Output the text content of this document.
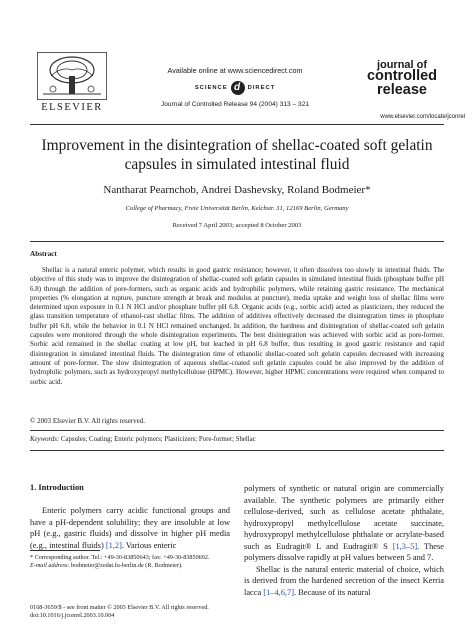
ELSEVIER
Available online at www.sciencedirect.com
SCIENCE d	DIRECT
Journal of Controlled Release 94 (2004) 313 – 321
journal of
controlled
release
www.elsevier.com/locate/jconrel
Improvement in the disintegration of shellac-coated soft gelatin capsules in simulated intestinal fluid
Nantharat Pearnchob, Andrei Dashevsky, Roland Bodmeier*
College of Pharmacy, Freie Universität Berlin, Kelchstr. 31, 12169 Berlin, Germany
Received 7 April 2003; accepted 8 October 2003
Abstract
Shellac is a natural enteric polymer, which results in good gastric resistance; however, it often dissolves too slowly in intestinal fluids. The objective of this study was to improve the disintegration of shellac-coated soft gelatin capsules in simulated intestinal fluids (phosphate buffer pH 6.8) through the addition of pore-formers, such as organic acids and hydrophilic polymers, while retaining gastric resistance. The mechanical properties (% elongation at rupture, puncture strength at break and modulus at puncture), media uptake and weight loss of shellac films were determined upon exposure in 0.1 N HCl and/or phosphate buffer pH 6.8. Organic acids (e.g., sorbic acid) acted as plasticizers, they reduced the glass transition temperature of ethanol-cast shellac films. The addition of additives effectively decreased the disintegration times in phosphate buffer pH 6.8, while the behavior in 0.1 N HCl remained unchanged. In addition, the hardness and disintegration of shellac-coated soft gelatin capsules were monitored through the whole disintegration experiments. The best disintegration was achieved with sorbic acid as pore-former. Sorbic acid remained in the shellac coating at low pH, but leached in pH 6.8 buffer, thus resulting in good gastric resistance and rapid disintegration in simulated intestinal fluids. The disintegration time of ethanolic shellac-coated soft gelatin capsules decreased with increasing amount of pore-former. The slow disintegration of aqueous shellac-coated soft gelatin capsules could be also improved by the addition of hydrophilic polymers, such as hydroxypropyl methylcellulose (HPMC). However, higher HPMC concentrations were required when compared to sorbic acid.
© 2003 Elsevier B.V. All rights reserved.
Keywords: Capsules; Coating; Enteric polymers; Plasticizers; Pore-former; Shellac
1. Introduction
Enteric polymers carry acidic functional groups and have a pH-dependent solubility; they are insoluble at low pH (e.g., gastric fluids) and dissolve in higher pH media (e.g., intestinal fluids) [1,2]. Various enteric

polymers of synthetic or natural origin are commercially available. The synthetic polymers are primarily either cellulose-derived, such as cellulose acetate phthalate, hydroxypropyl methylcellulose acetate succinate, hydroxypropyl methylcellulose phthalate or acrylate-based such as Eudragit® L and Eudragit® S [1,3–5]. These polymers dissolve rapidly at pH values between 5 and 7.

Shellac is the natural enteric material of choice, which is derived from the hardened secretion of the insect Kerria lacca [1–4,6,7]. Because of its natural

* Corresponding author. Tel.: +49-30-83850643; fax: +49-30-83850692.
E-mail address: bodmeier@zedat.fu-berlin.de (R. Bodmeier).
0168-3659/$ - see front matter © 2003 Elsevier B.V. All rights reserved.
doi:10.1016/j.jconrel.2003.10.004
